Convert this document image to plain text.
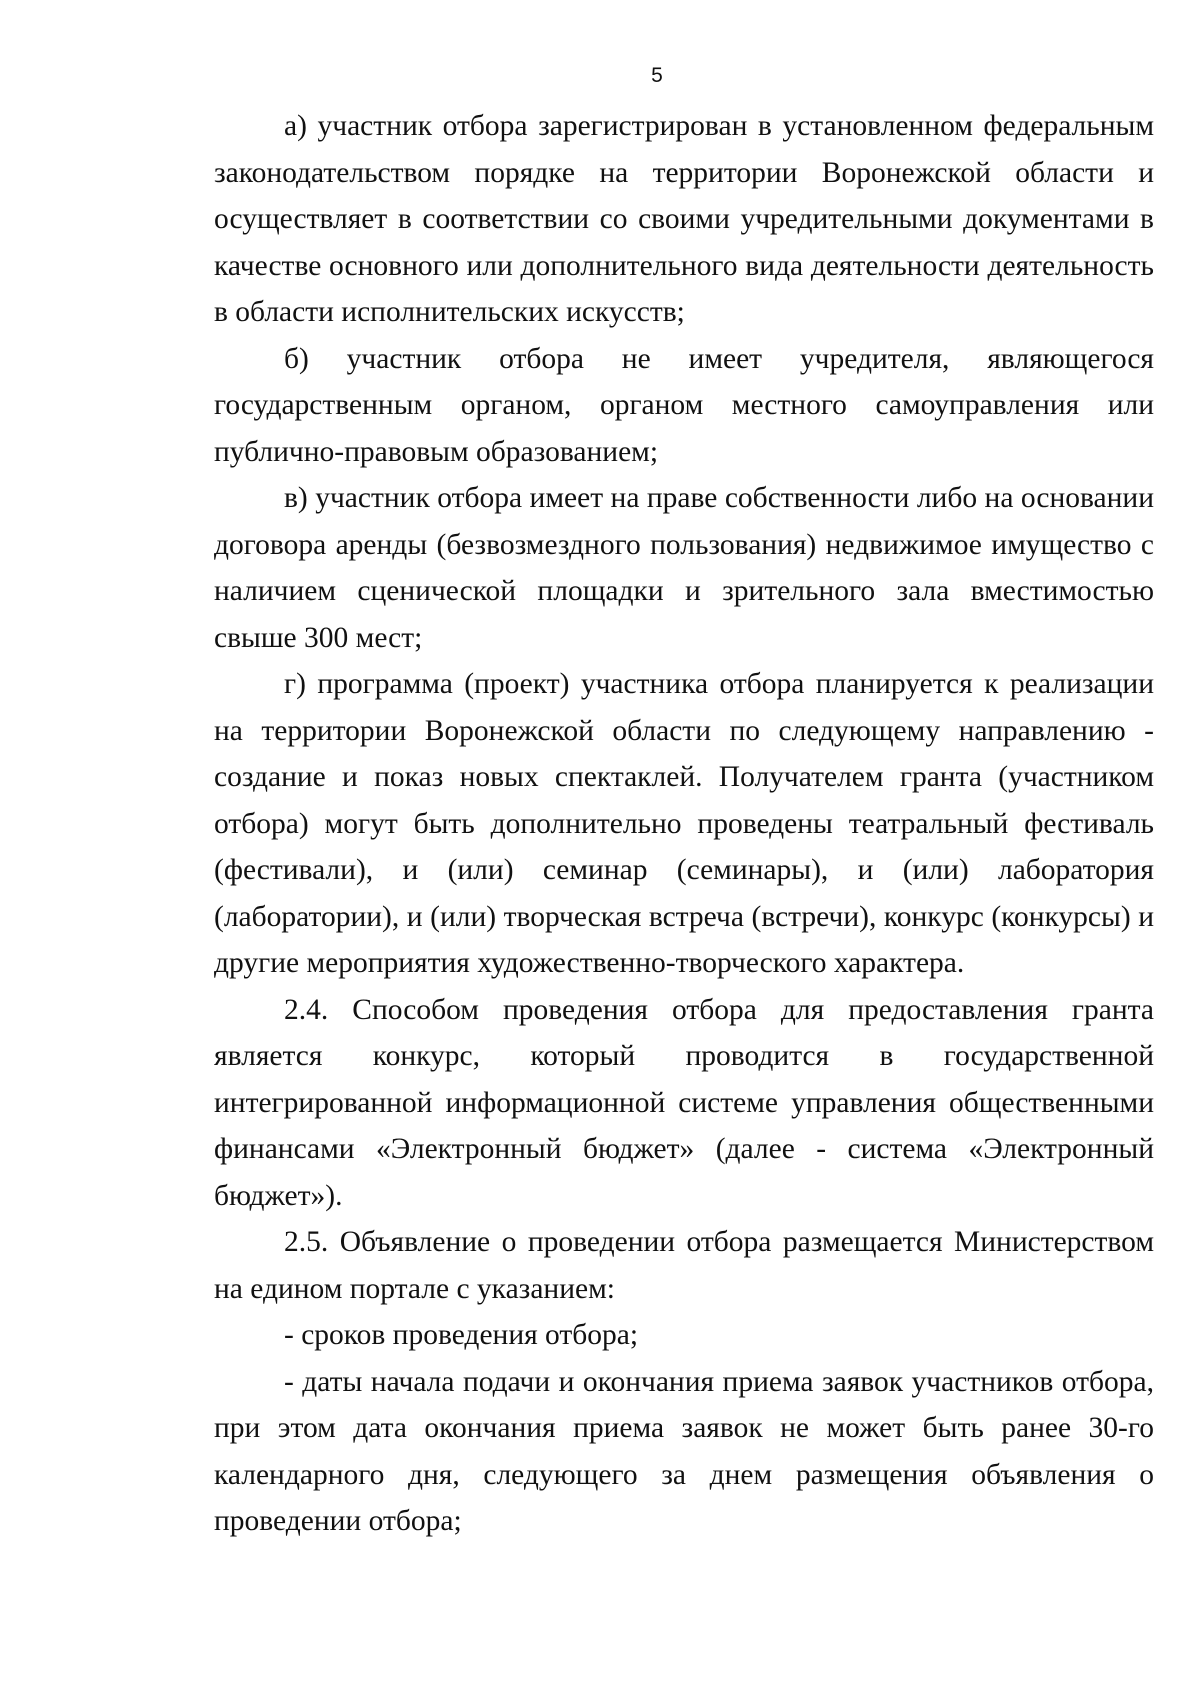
5

а) участник отбора зарегистрирован в установленном федеральным законодательством порядке на территории Воронежской области и осуществляет в соответствии со своими учредительными документами в качестве основного или дополнительного вида деятельности деятельность в области исполнительских искусств;

б) участник отбора не имеет учредителя, являющегося государственным органом, органом местного самоуправления или публично-правовым образованием;

в) участник отбора имеет на праве собственности либо на основании договора аренды (безвозмездного пользования) недвижимое имущество с наличием сценической площадки и зрительного зала вместимостью свыше 300 мест;

г) программа (проект) участника отбора планируется к реализации на территории Воронежской области по следующему направлению - создание и показ новых спектаклей. Получателем гранта (участником отбора) могут быть дополнительно проведены театральный фестиваль (фестивали), и (или) семинар (семинары), и (или) лаборатория (лаборатории), и (или) творческая встреча (встречи), конкурс (конкурсы) и другие мероприятия художественно-творческого характера.

2.4. Способом проведения отбора для предоставления гранта является конкурс, который проводится в государственной интегрированной информационной системе управления общественными финансами «Электронный бюджет» (далее - система «Электронный бюджет»).

2.5. Объявление о проведении отбора размещается Министерством на едином портале с указанием:

- сроков проведения отбора;

- даты начала подачи и окончания приема заявок участников отбора, при этом дата окончания приема заявок не может быть ранее 30-го календарного дня, следующего за днем размещения объявления о проведении отбора;
